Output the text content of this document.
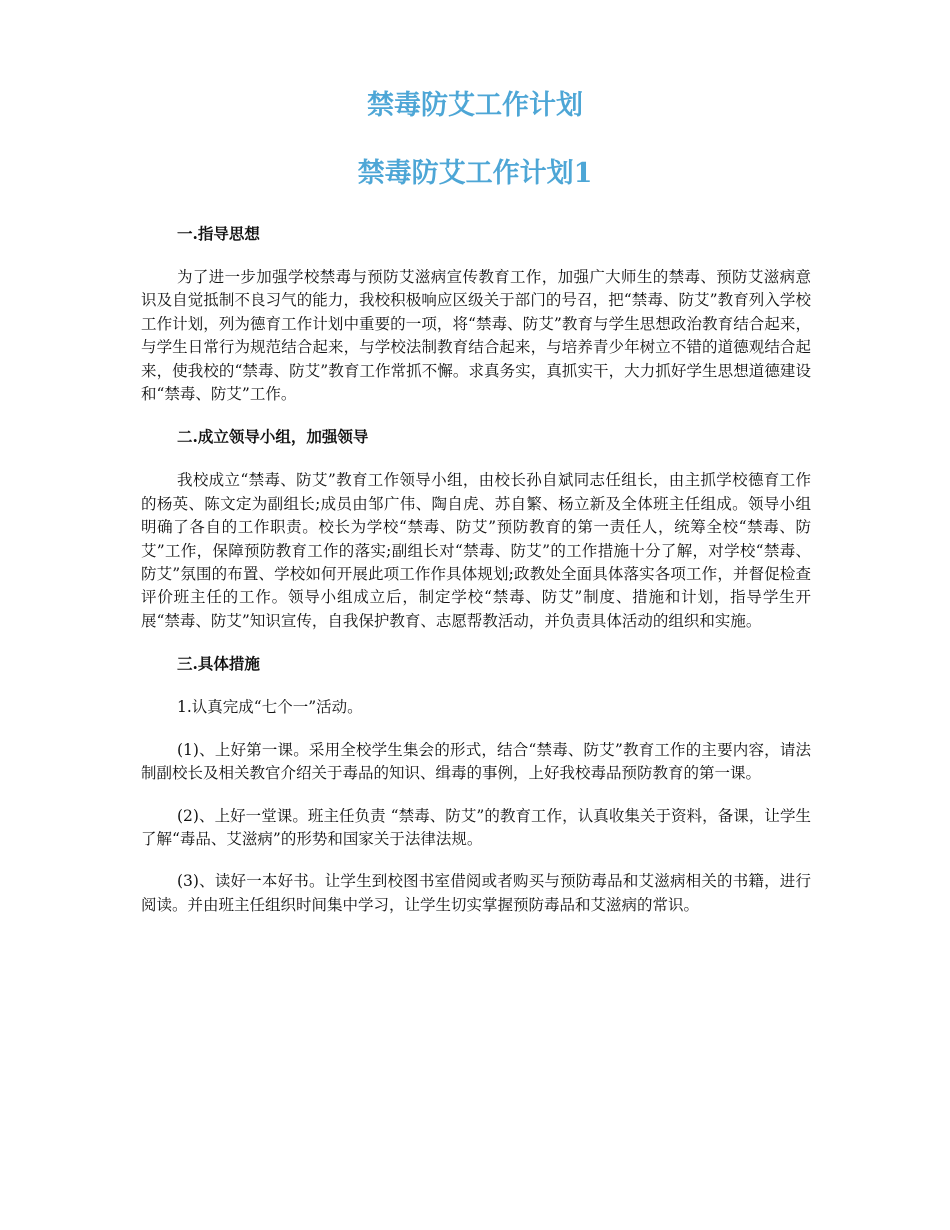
禁毒防艾工作计划
禁毒防艾工作计划1

一.指导思想

为了进一步加强学校禁毒与预防艾滋病宣传教育工作，加强广大师生的禁毒、预防艾滋病意识及自觉抵制不良习气的能力，我校积极响应区级关于部门的号召，把“禁毒、防艾”教育列入学校工作计划，列为德育工作计划中重要的一项，将“禁毒、防艾”教育与学生思想政治教育结合起来，与学生日常行为规范结合起来，与学校法制教育结合起来，与培养青少年树立不错的道德观结合起来，使我校的“禁毒、防艾”教育工作常抓不懈。求真务实，真抓实干，大力抓好学生思想道德建设和“禁毒、防艾”工作。

二.成立领导小组，加强领导

我校成立“禁毒、防艾”教育工作领导小组，由校长孙自斌同志任组长，由主抓学校德育工作的杨英、陈文定为副组长;成员由邹广伟、陶自虎、苏自繁、杨立新及全体班主任组成。领导小组明确了各自的工作职责。校长为学校“禁毒、防艾”预防教育的第一责任人，统筹全校“禁毒、防艾”工作，保障预防教育工作的落实;副组长对“禁毒、防艾”的工作措施十分了解，对学校“禁毒、防艾”氛围的布置、学校如何开展此项工作作具体规划;政教处全面具体落实各项工作，并督促检查评价班主任的工作。领导小组成立后，制定学校“禁毒、防艾”制度、措施和计划，指导学生开展“禁毒、防艾”知识宣传，自我保护教育、志愿帮教活动，并负责具体活动的组织和实施。

三.具体措施

1.认真完成“七个一”活动。

(1)、上好第一课。采用全校学生集会的形式，结合“禁毒、防艾”教育工作的主要内容，请法制副校长及相关教官介绍关于毒品的知识、缉毒的事例，上好我校毒品预防教育的第一课。

(2)、上好一堂课。班主任负责 “禁毒、防艾”的教育工作，认真收集关于资料，备课，让学生了解“毒品、艾滋病”的形势和国家关于法律法规。

(3)、读好一本好书。让学生到校图书室借阅或者购买与预防毒品和艾滋病相关的书籍，进行阅读。并由班主任组织时间集中学习，让学生切实掌握预防毒品和艾滋病的常识。
